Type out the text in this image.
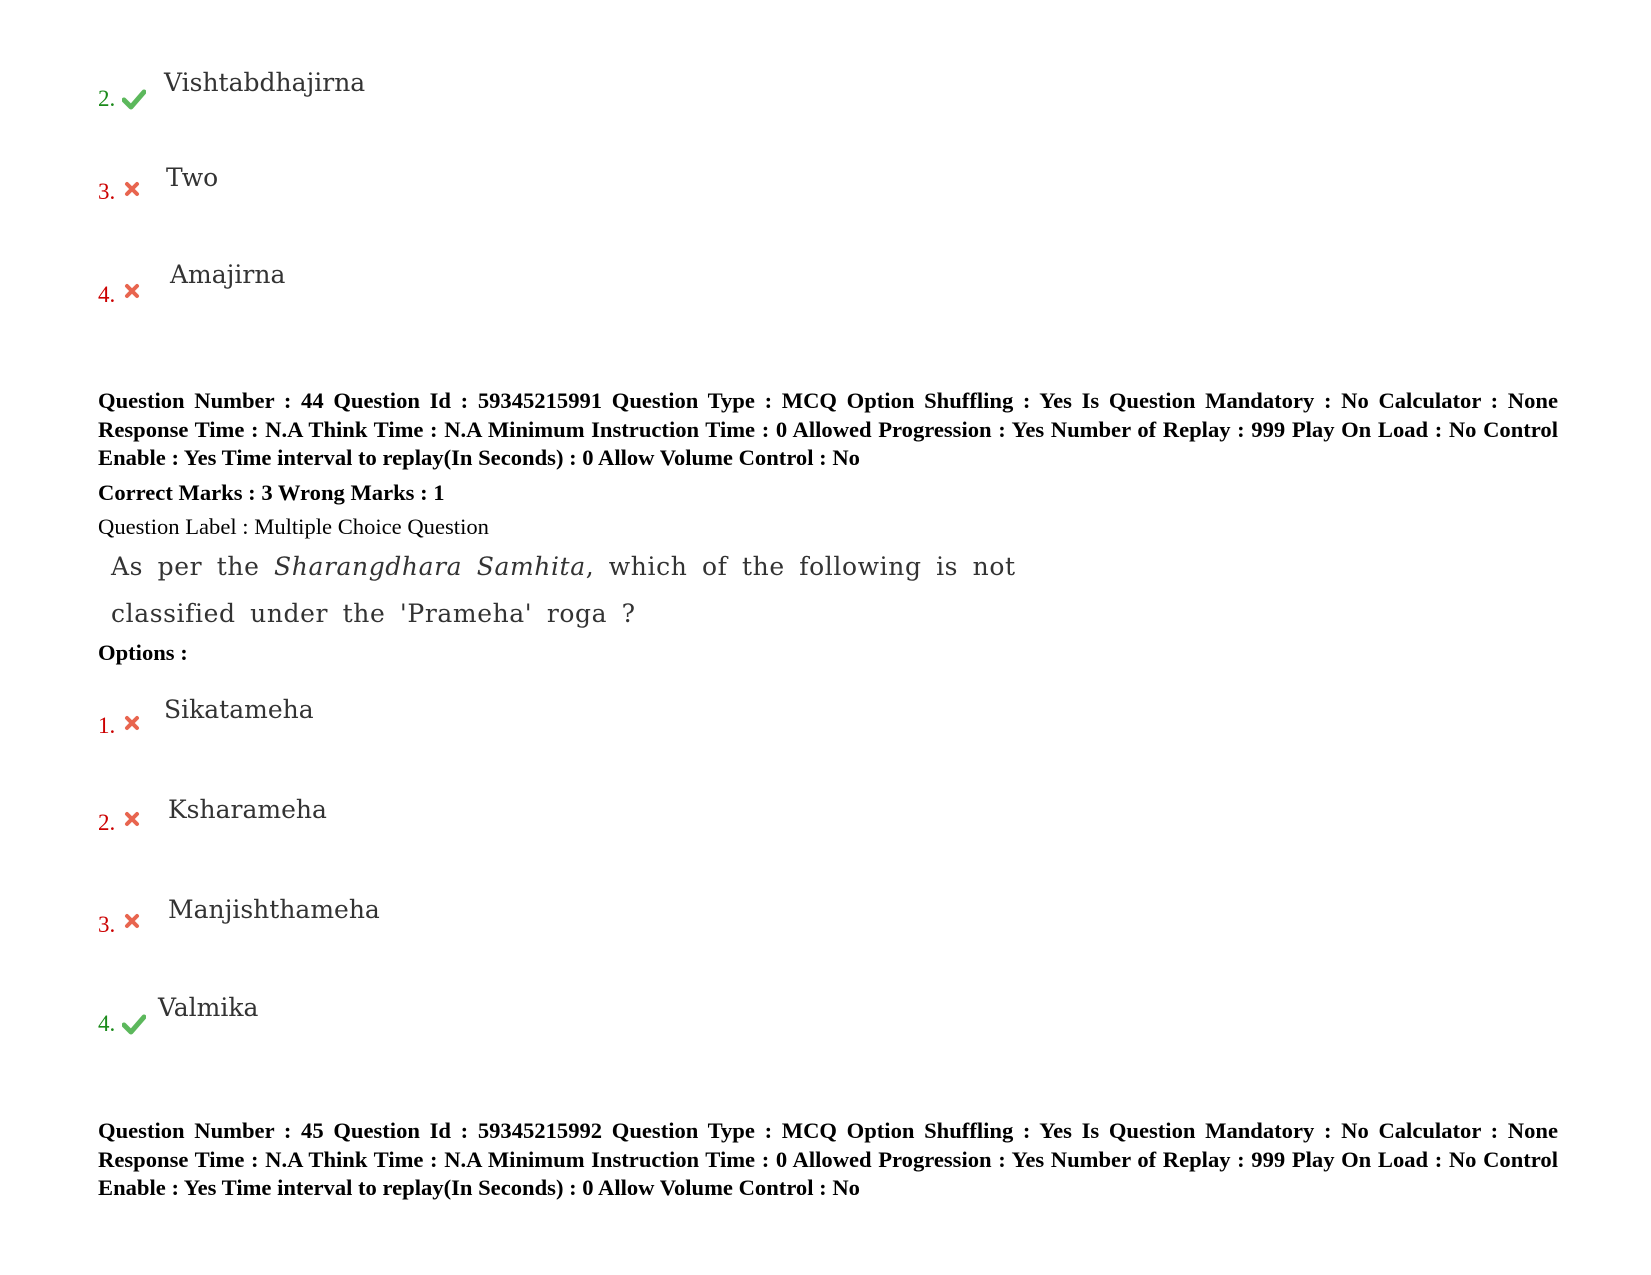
2.
Vishtabdhajirna
3. Two
4.
Amajirna
Question Number : 44 Question Id : 59345215991 Question Type : MCQ Option Shuffling : Yes Is Question Mandatory : No Calculator : None Response Time : N.A Think Time : N.A Minimum Instruction Time : 0 Allowed Progression : Yes Number of Replay : 999 Play On Load : No Control Enable : Yes Time interval to replay(In Seconds) : 0 Allow Volume Control : No
Correct Marks : 3 Wrong Marks : 1
Question Label : Multiple Choice Question
As per the Sharangdhara Samhita, which of the following is not classified under the 'Prameha' roga ?
Options :
1.
Sikatameha
2. Ksharameha
3.
Manjishthameha
4.
Valmika
Question Number : 45 Question Id : 59345215992 Question Type : MCQ Option Shuffling : Yes Is Question Mandatory : No Calculator : None Response Time : N.A Think Time : N.A Minimum Instruction Time : 0 Allowed Progression : Yes Number of Replay : 999 Play On Load : No Control Enable : Yes Time interval to replay(In Seconds) : 0 Allow Volume Control : No
